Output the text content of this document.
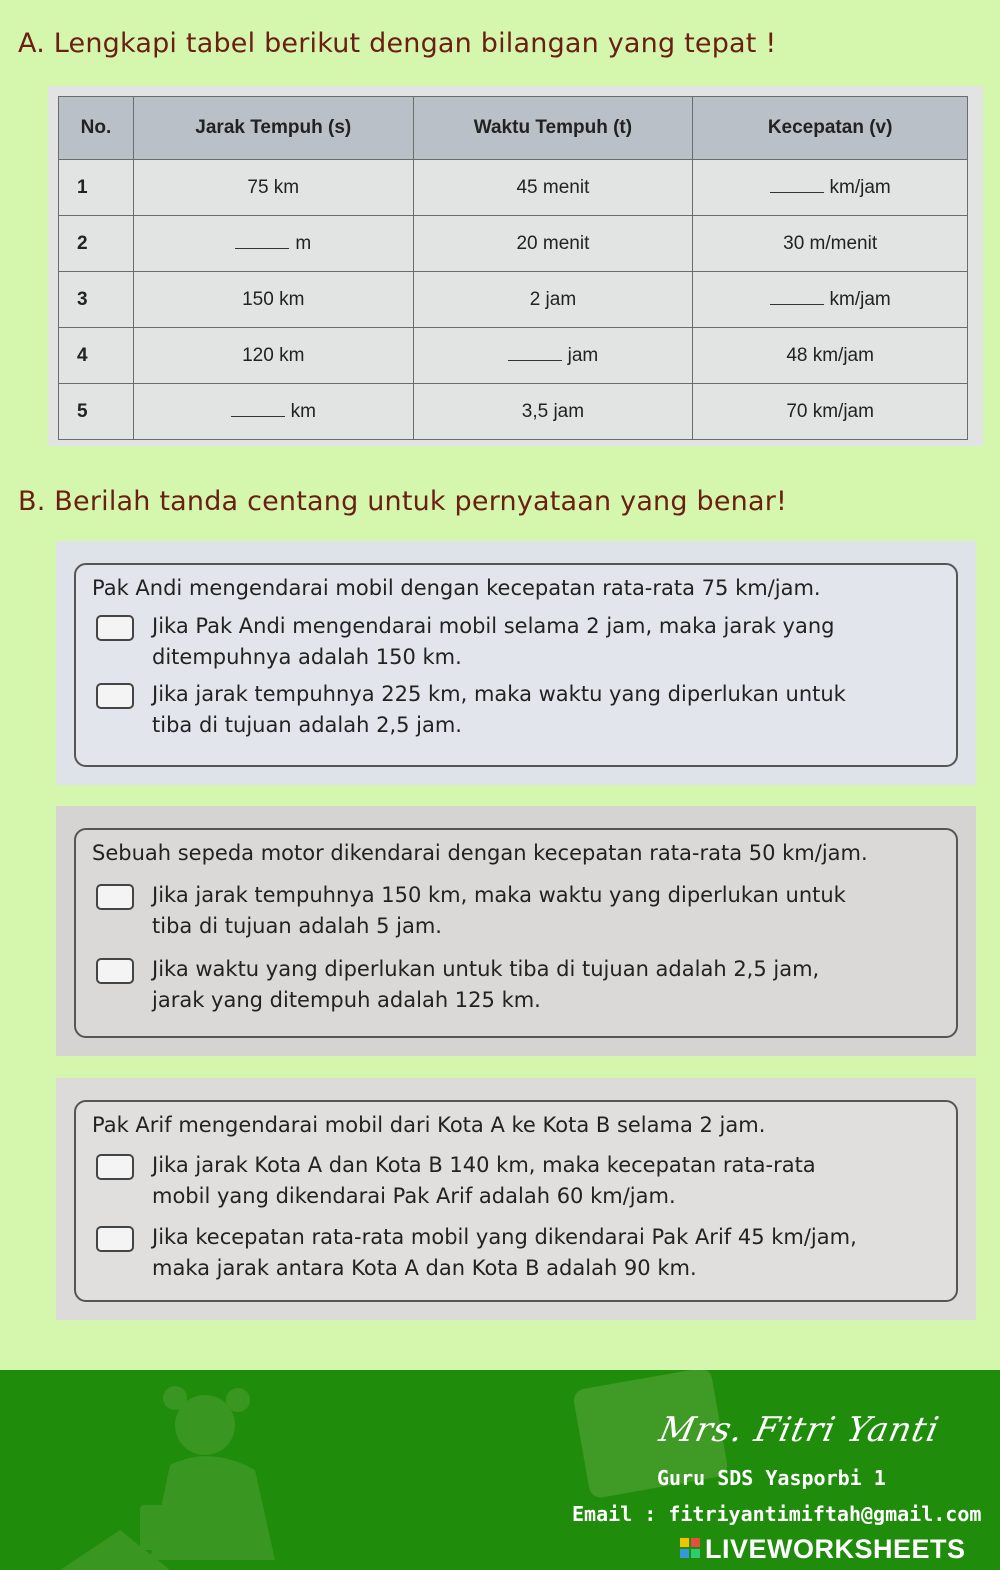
A. Lengkapi tabel berikut dengan bilangan yang tepat !
No.	Jarak Tempuh (s)	Waktu Tempuh (t)	Kecepatan (v)
1	75 km	45 menit	km/jam
2	m	20 menit	30 m/menit
3	150 km	2 jam	km/jam
4	120 km	jam	48 km/jam
5	km	3,5 jam	70 km/jam
B. Berilah tanda centang untuk pernyataan yang benar!
Pak Andi mengendarai mobil dengan kecepatan rata-rata 75 km/jam.
Jika Pak Andi mengendarai mobil selama 2 jam, maka jarak yang
ditempuhnya adalah 150 km.
Jika jarak tempuhnya 225 km, maka waktu yang diperlukan untuk
tiba di tujuan adalah 2,5 jam.
Sebuah sepeda motor dikendarai dengan kecepatan rata-rata 50 km/jam.
Jika jarak tempuhnya 150 km, maka waktu yang diperlukan untuk
tiba di tujuan adalah 5 jam.
Jika waktu yang diperlukan untuk tiba di tujuan adalah 2,5 jam,
jarak yang ditempuh adalah 125 km.
Pak Arif mengendarai mobil dari Kota A ke Kota B selama 2 jam.
Jika jarak Kota A dan Kota B 140 km, maka kecepatan rata-rata
mobil yang dikendarai Pak Arif adalah 60 km/jam.
Jika kecepatan rata-rata mobil yang dikendarai Pak Arif 45 km/jam,
maka jarak antara Kota A dan Kota B adalah 90 km.
Mrs. Fitri Yanti
Guru SDS Yasporbi 1
Email : fitriyantimiftah@gmail.com
LIVEWORKSHEETS
